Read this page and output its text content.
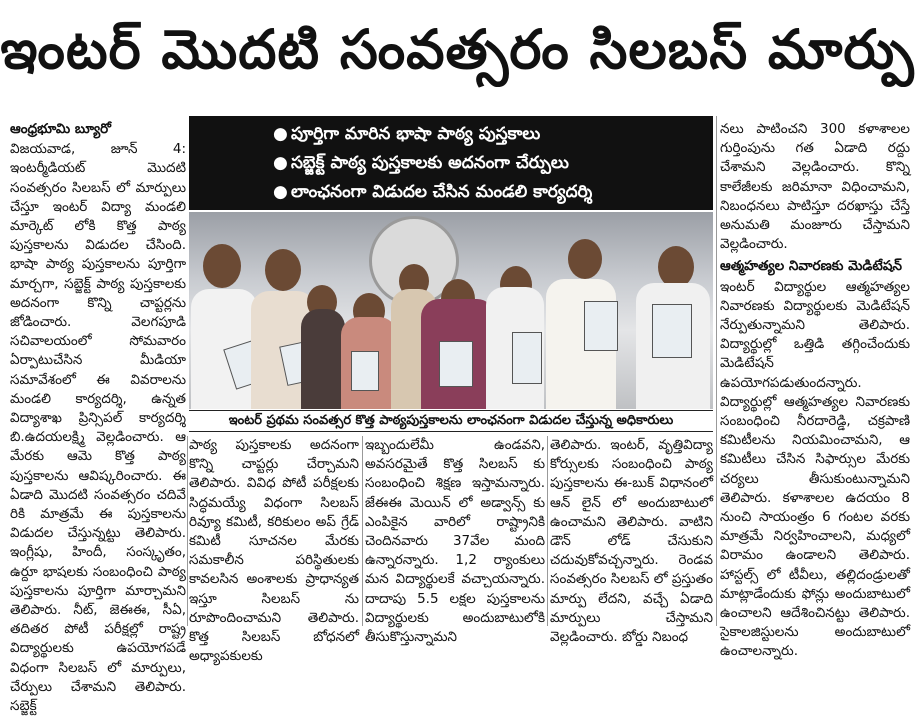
ఇంటర్ మొదటి సంవత్సరం సిలబస్ మార్పు

ఆంధ్రభూమి బ్యూరో

విజయవాడ, జూన్ 4: ఇంటర్మీడియట్ మొదటి సంవత్సరం సిలబస్ లో మార్పులు చేస్తూ ఇంటర్ విద్యా మండలి మార్కెట్ లోకి కొత్త పాఠ్య పుస్తకాలను విడుదల చేసింది. భాషా పాఠ్య పుస్తకాలను పూర్తిగా మార్చగా, సబ్జెక్ట్ పాఠ్య పుస్తకాలకు అదనంగా కొన్ని చాప్టర్లను జోడించారు. వెలగపూడి సచివాలయంలో సోమవారం ఏర్పాటుచేసిన మీడియా సమావేశంలో ఈ వివరాలను మండలి కార్యదర్శి, ఉన్నత విద్యాశాఖ ప్రిన్సిపల్ కార్యదర్శి బి.ఉదయలక్ష్మి వెల్లడించారు. ఆ మేరకు ఆమె కొత్త పాఠ్య పుస్తకాలను ఆవిష్కరించారు. ఈ ఏడాది మొదటి సంవత్సరం చదివే రికి మాత్రమే ఈ పుస్తకాలను విడుదల చేస్తున్నట్టు తెలిపారు. ఇంగ్లీషు, హిందీ, సంస్కృతం, ఉర్దూ భాషలకు సంబంధించి పాఠ్య పుస్తకాలను పూర్తిగా మార్చామని తెలిపారు. నీట్, జెఈఈ, సీఏ, తదితర పోటీ పరీక్షల్లో రాష్ట్ర విద్యార్థులకు ఉపయోగపడే విధంగా సిలబస్ లో మార్పులు, చేర్పులు చేశామని తెలిపారు. సబ్జెక్ట్

● పూర్తిగా మారిన భాషా పాఠ్య పుస్తకాలు
● సబ్జెక్ట్ పాఠ్య పుస్తకాలకు అదనంగా చేర్పులు
● లాంఛనంగా విడుదల చేసిన మండలి కార్యదర్శి
ఇంటర్ ప్రథమ సంవత్సర కొత్త పాఠ్యపుస్తకాలను లాంఛనంగా విడుదల చేస్తున్న అధికారులు

పాఠ్య పుస్తకాలకు అదనంగా కొన్ని చాప్టర్లు చేర్చామని తెలిపారు. వివిధ పోటీ పరీక్షలకు సిద్ధమయ్యే విధంగా సిలబస్ రివ్యూ కమిటీ, కరికులం అప్ గ్రేడ్ కమిటీ సూచనల మేరకు సమకాలీన పరిస్థితులకు కావలసిన అంశాలకు ప్రాధాన్యత ఇస్తూ సిలబస్ ను రూపొందించామని తెలిపారు. కొత్త సిలబస్ బోధనలో అధ్యాపకులకు

ఇబ్బందులేమీ ఉండవని, అవసరమైతే కొత్త సిలబస్ కు సంబంధించి శిక్షణ ఇస్తామన్నారు. జేఈఈ మెయిన్ లో అడ్వాన్స్ కు ఎంపికైన వారిలో రాష్ట్రానికి చెందినవారు 37వేల మంది ఉన్నారన్నారు. 1,2 ర్యాంకులు మన విద్యార్థులకే వచ్చాయన్నారు. దాదాపు 5.5 లక్షల పుస్తకాలను విద్యార్థులకు అందుబాటులోకి తీసుకొస్తున్నామని

తెలిపారు. ఇంటర్, వృత్తివిద్యా కోర్సులకు సంబంధించి పాఠ్య పుస్తకాలను ఈ-బుక్ విధానంలో ఆన్ లైన్ లో అందుబాటులో ఉంచామని తెలిపారు. వాటిని డౌన్ లోడ్ చేసుకుని చదువుకోవచ్చన్నారు. రెండవ సంవత్సరం సిలబస్ లో ప్రస్తుతం మార్పు లేదని, వచ్చే ఏడాది మార్పులు చేస్తామని వెల్లడించారు. బోర్డు నిబంధ

నలు పాటించని 300 కళాశాలల గుర్తింపును గత ఏడాది రద్దు చేశామని వెల్లడించారు. కొన్ని కాలేజీలకు జరిమానా విధించామని, నిబంధనలు పాటిస్తూ దరఖాస్తు చేస్తే అనుమతి మంజూరు చేస్తామని వెల్లడించారు.

ఆత్మహత్యల నివారణకు మెడిటేషన్

ఇంటర్ విద్యార్థుల ఆత్మహత్యల నివారణకు విద్యార్థులకు మెడిటేషన్ నేర్పుతున్నామని తెలిపారు. విద్యార్థుల్లో ఒత్తిడి తగ్గించేందుకు మెడిటేషన్ ఉపయోగపడుతుందన్నారు. విద్యార్థుల్లో ఆత్మహత్యల నివారణకు సంబంధించి నీరదారెడ్డి, చక్రపాణి కమిటీలను నియమించామని, ఆ కమిటీలు చేసిన సిఫార్సుల మేరకు చర్యలు తీసుకుంటున్నామని తెలిపారు. కళాశాలల ఉదయం 8 నుంచి సాయంత్రం 6 గంటల వరకు మాత్రమే నిర్వహించాలని, మధ్యలో విరామం ఉండాలని తెలిపారు. హాస్టల్స్ లో టీవీలు, తల్లిదండ్రులతో మాట్లాడేందుకు ఫోన్లు అందుబాటులో ఉంచాలని ఆదేశించినట్టు తెలిపారు. సైకాలజిస్టులను అందుబాటులో ఉంచాలన్నారు.
